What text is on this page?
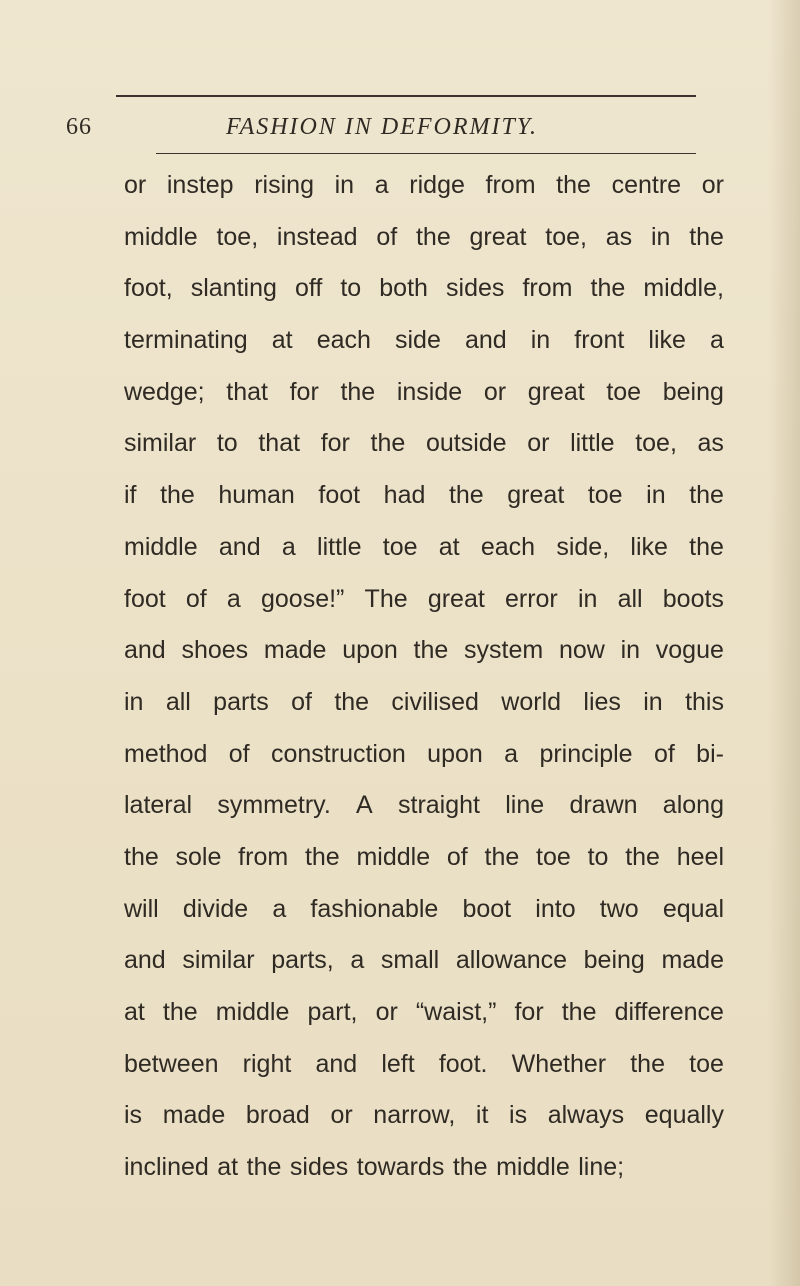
66	FASHION IN DEFORMITY.
or instep rising in a ridge from the centre or
middle toe, instead of the great toe, as in the
foot, slanting off to both sides from the middle,
terminating at each side and in front like a
wedge; that for the inside or great toe being
similar to that for the outside or little toe, as
if the human foot had the great toe in the
middle and a little toe at each side, like the
foot of a goose!” The great error in all boots
and shoes made upon the system now in vogue
in all parts of the civilised world lies in this
method of construction upon a principle of bi-
lateral symmetry. A straight line drawn along
the sole from the middle of the toe to the heel
will divide a fashionable boot into two equal
and similar parts, a small allowance being made
at the middle part, or “waist,” for the difference
between right and left foot. Whether the toe
is made broad or narrow, it is always equally
inclined at the sides towards the middle line;
